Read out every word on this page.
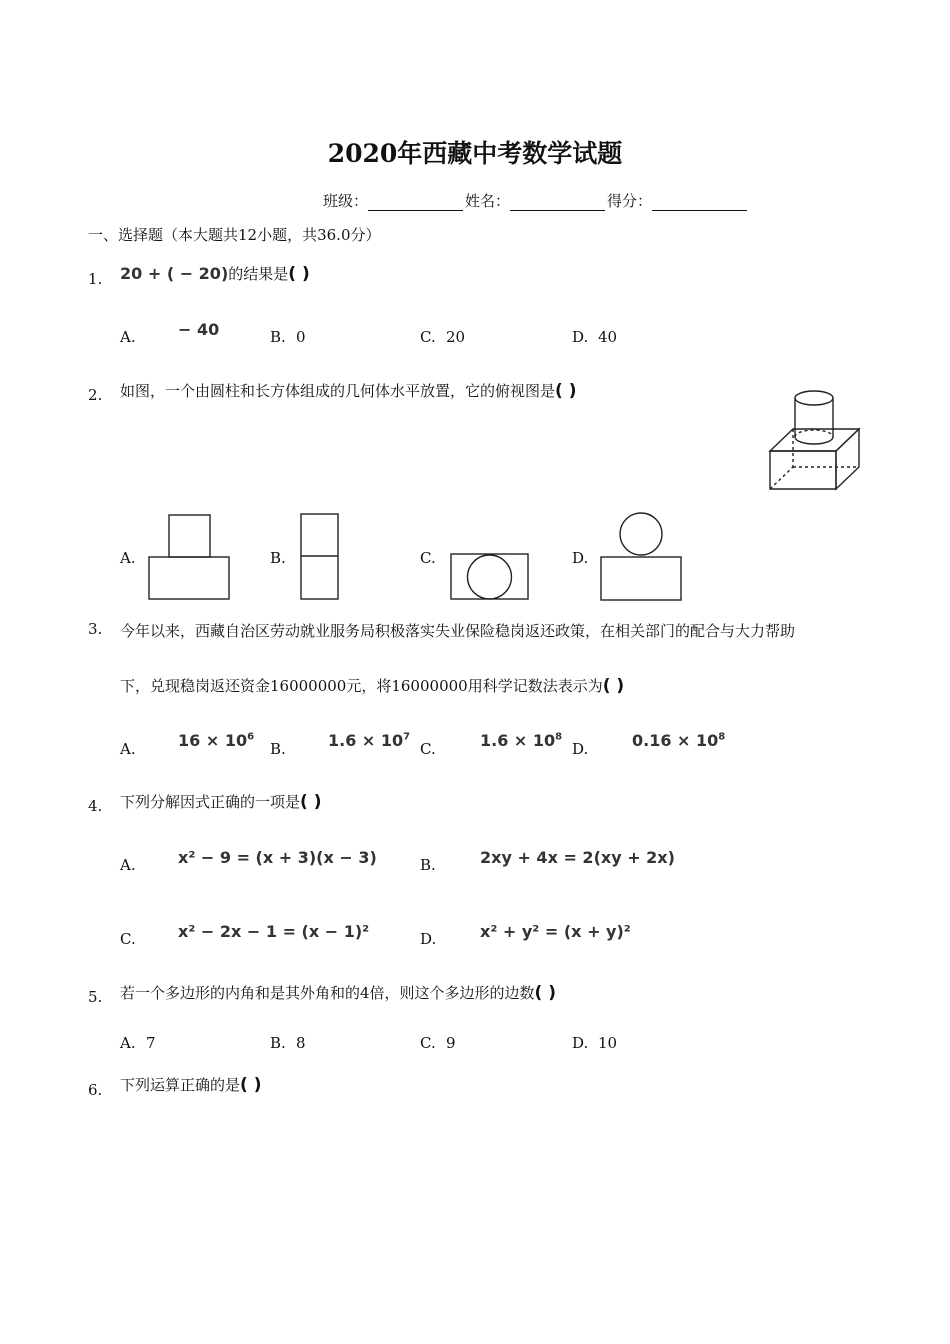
2020年西藏中考数学试题
班级：	姓名：	得分：
一、选择题（本大题共12小题，共36.0分）
1. 20 + ( − 20)的结果是( )
A.	− 40	B. 0	C. 20	D. 40
2. 如图，一个由圆柱和长方体组成的几何体水平放置，它的俯视图是( )
A.	B.	C.	D.
3. 今年以来，西藏自治区劳动就业服务局积极落实失业保险稳岗返还政策，在相关部门的配合与大力帮助
下，兑现稳岗返还资金16000000元，将16000000用科学记数法表示为( )
A.	$16 \times 10^6$
B.	$1.6 \times 10^7$
C.	$1.6 \times 10^8$
D.	$0.16 \times 10^8$
4. 下列分解因式正确的一项是( )
A.	x² − 9 = (x + 3)(x − 3)	B.	2xy + 4x = 2(xy + 2x)
C.	x² − 2x − 1 = (x − 1)²	D.	x² + y² = (x + y)²
5. 若一个多边形的内角和是其外角和的4倍，则这个多边形的边数( )
A. 7	B. 8	C. 9	D. 10
6. 下列运算正确的是( )
